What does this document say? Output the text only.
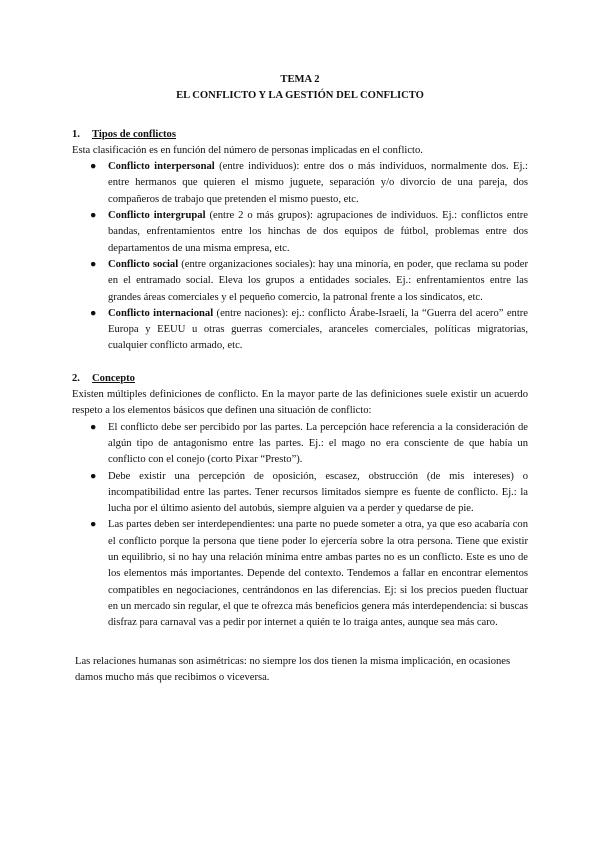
TEMA 2
EL CONFLICTO Y LA GESTIÓN DEL CONFLICTO
1.	Tipos de conflictos

Esta clasificación es en función del número de personas implicadas en el conflicto.

● Conflicto interpersonal (entre individuos): entre dos o más individuos, normalmente dos. Ej.: entre hermanos que quieren el mismo juguete, separación y/o divorcio de una pareja, dos compañeros de trabajo que pretenden el mismo puesto, etc.
● Conflicto intergrupal (entre 2 o más grupos): agrupaciones de individuos. Ej.: conflictos entre bandas, enfrentamientos entre los hinchas de dos equipos de fútbol, problemas entre dos departamentos de una misma empresa, etc.
● Conflicto social (entre organizaciones sociales): hay una minoría, en poder, que reclama su poder en el entramado social. Eleva los grupos a entidades sociales. Ej.: enfrentamientos entre las grandes áreas comerciales y el pequeño comercio, la patronal frente a los sindicatos, etc.
● Conflicto internacional (entre naciones): ej.: conflicto Árabe-Israelí, la “Guerra del acero” entre Europa y EEUU u otras guerras comerciales, aranceles comerciales, políticas migratorias, cualquier conflicto armado, etc.
2.	Concepto

Existen múltiples definiciones de conflicto. En la mayor parte de las definiciones suele existir un acuerdo respeto a los elementos básicos que definen una situación de conflicto:

● El conflicto debe ser percibido por las partes. La percepción hace referencia a la consideración de algún tipo de antagonismo entre las partes. Ej.: el mago no era consciente de que había un conflicto con el conejo (corto Pixar “Presto”).
● Debe existir una percepción de oposición, escasez, obstrucción (de mis intereses) o incompatibilidad entre las partes. Tener recursos limitados siempre es fuente de conflicto. Ej.: la lucha por el último asiento del autobús, siempre alguien va a perder y quedarse de pie.
● Las partes deben ser interdependientes: una parte no puede someter a otra, ya que eso acabaría con el conflicto porque la persona que tiene poder lo ejercería sobre la otra persona. Tiene que existir un equilibrio, si no hay una relación mínima entre ambas partes no es un conflicto. Este es uno de los elementos más importantes. Depende del contexto. Tendemos a fallar en encontrar elementos compatibles en negociaciones, centrándonos en las diferencias. Ej: si los precios pueden fluctuar en un mercado sin regular, el que te ofrezca más beneficios genera más interdependencia: si buscas disfraz para carnaval vas a pedir por internet a quién te lo traiga antes, aunque sea más caro.

Las relaciones humanas son asimétricas: no siempre los dos tienen la misma implicación, en ocasiones damos mucho más que recibimos o viceversa.
